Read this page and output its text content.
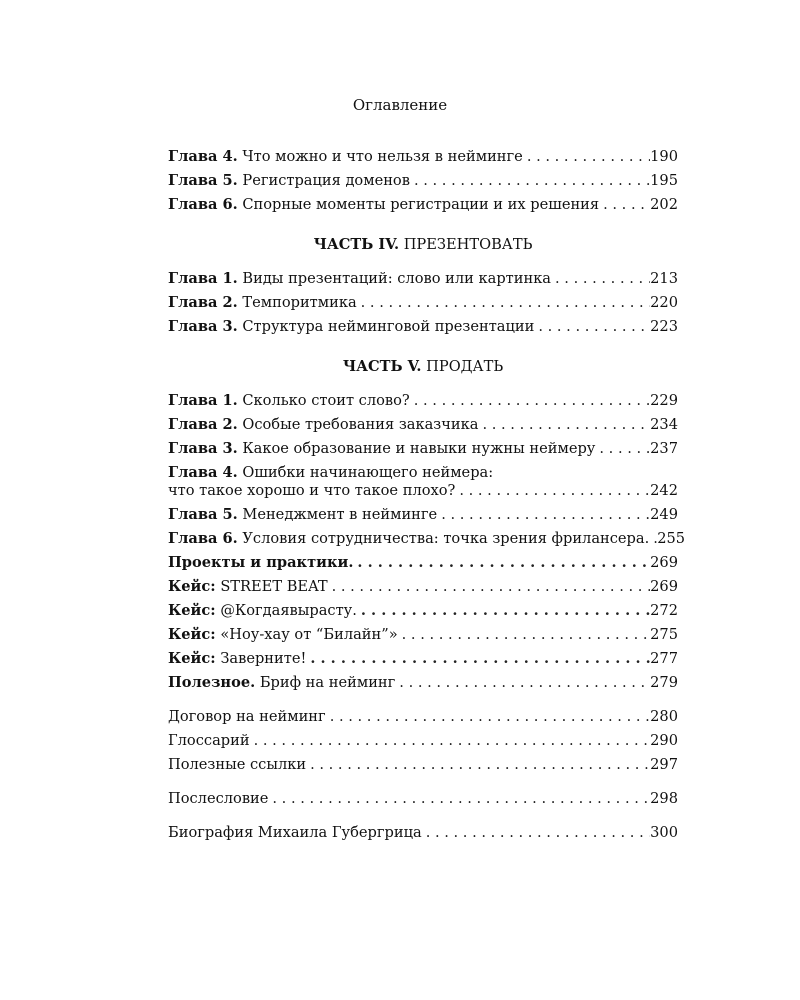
Оглавление
Глава 4. Что можно и что нельзя в нейминге . . .	190
Глава 5. Регистрация доменов . . .	195
Глава 6. Спорные моменты регистрации и их решения . . .	202
ЧАСТЬ IV. ПРЕЗЕНТОВАТЬ
Глава 1. Виды презентаций: слово или картинка . . .	213
Глава 2. Темпоритмика . . .	220
Глава 3. Структура нейминговой презентации . . .	223
ЧАСТЬ V. ПРОДАТЬ
Глава 1. Сколько стоит слово? . . .	229
Глава 2. Особые требования заказчика . . .	234
Глава 3. Какое образование и навыки нужны неймеру . . .	237
Глава 4. Ошибки начинающего неймера:
что такое хорошо и что такое плохо? . . .	242
Глава 5. Менеджмент в нейминге . . .	249
Глава 6. Условия сотрудничества: точка зрения фрилансера. . . . 255
Проекты и практики. . . .	269
Кейс: STREET BEAT . . .	269
Кейс: @Когдаявырасту. . . .	272
Кейс: «Ноу-хау от “Билайн”» . . .	275
Кейс: Заверните! . . .	277
Полезное. Бриф на нейминг . . .	279
Договор на нейминг . . .	280
Глоссарий . . .	290
Полезные ссылки . . .	297
Послесловие . . .	298
Биография Михаила Губергрица . . .	300
